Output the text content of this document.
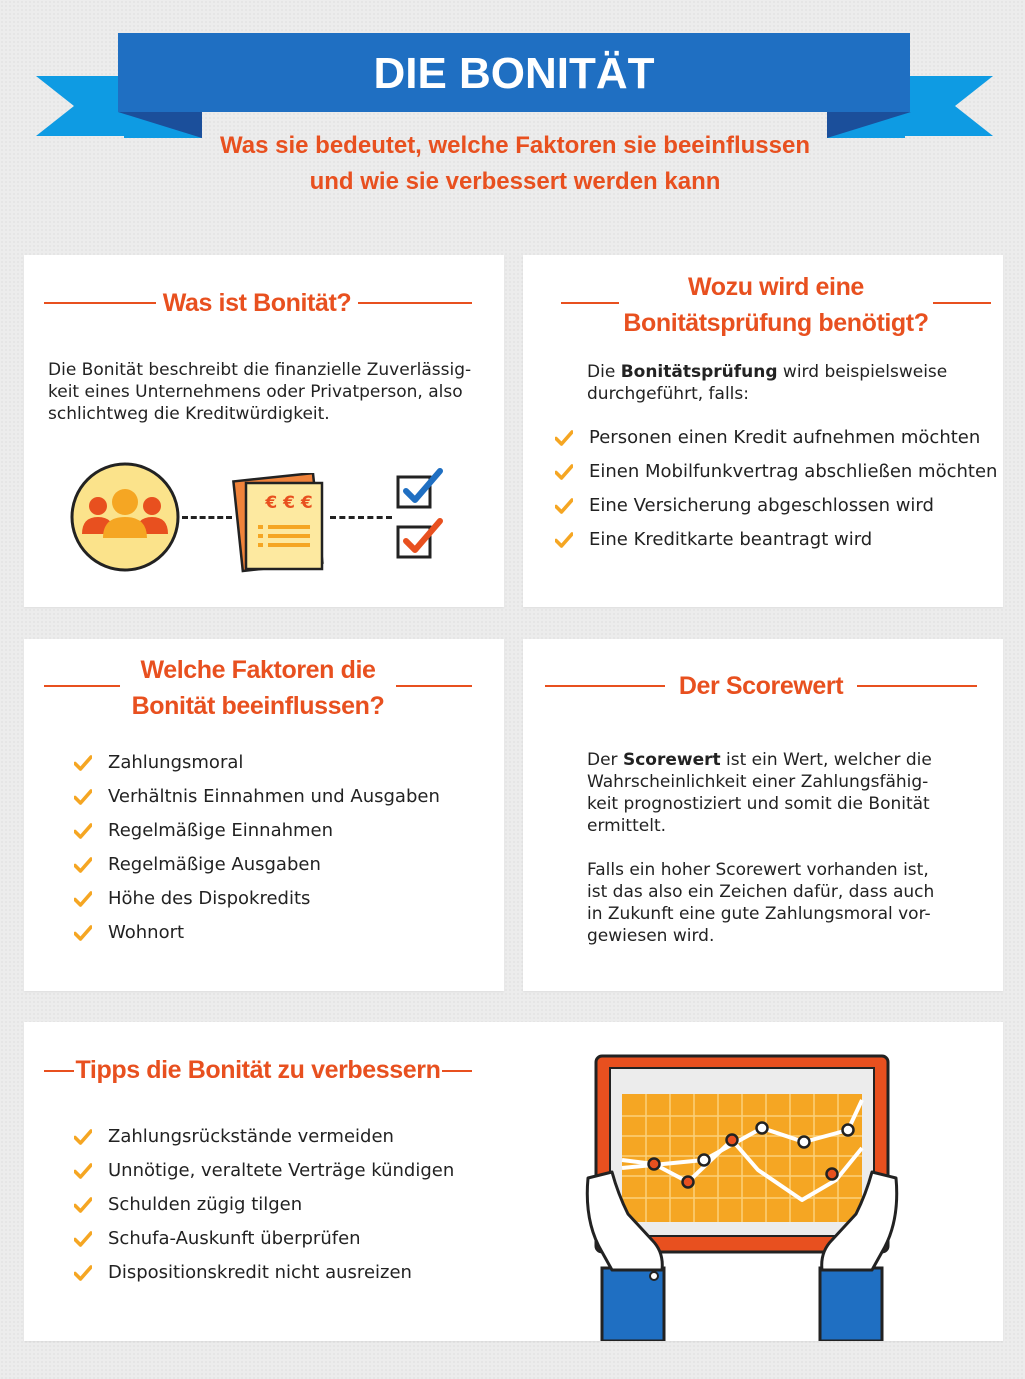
DIE BONITÄT
Was sie bedeutet, welche Faktoren sie beeinflussen
und wie sie verbessert werden kann
Was ist Bonität?
Die Bonität beschreibt die finanzielle Zuverlässig-
keit eines Unternehmens oder Privatperson, also
schlichtweg die Kreditwürdigkeit.
€ € €
Wozu wird eine
Bonitätsprüfung benötigt?
Die Bonitätsprüfung wird beispielsweise
durchgeführt, falls:
Personen einen Kredit aufnehmen möchten
Einen Mobilfunkvertrag abschließen möchten
Eine Versicherung abgeschlossen wird
Eine Kreditkarte beantragt wird
Welche Faktoren die
Bonität beeinflussen?
Zahlungsmoral
Verhältnis Einnahmen und Ausgaben
Regelmäßige Einnahmen
Regelmäßige Ausgaben
Höhe des Dispokredits
Wohnort
Der Scorewert
Der Scorewert ist ein Wert, welcher die
Wahrscheinlichkeit einer Zahlungsfähig-
keit prognostiziert und somit die Bonität
ermittelt.
Falls ein hoher Scorewert vorhanden ist,
ist das also ein Zeichen dafür, dass auch
in Zukunft eine gute Zahlungsmoral vor-
gewiesen wird.
Tipps die Bonität zu verbessern
Zahlungsrückstände vermeiden
Unnötige, veraltete Verträge kündigen
Schulden zügig tilgen
Schufa-Auskunft überprüfen
Dispositionskredit nicht ausreizen
